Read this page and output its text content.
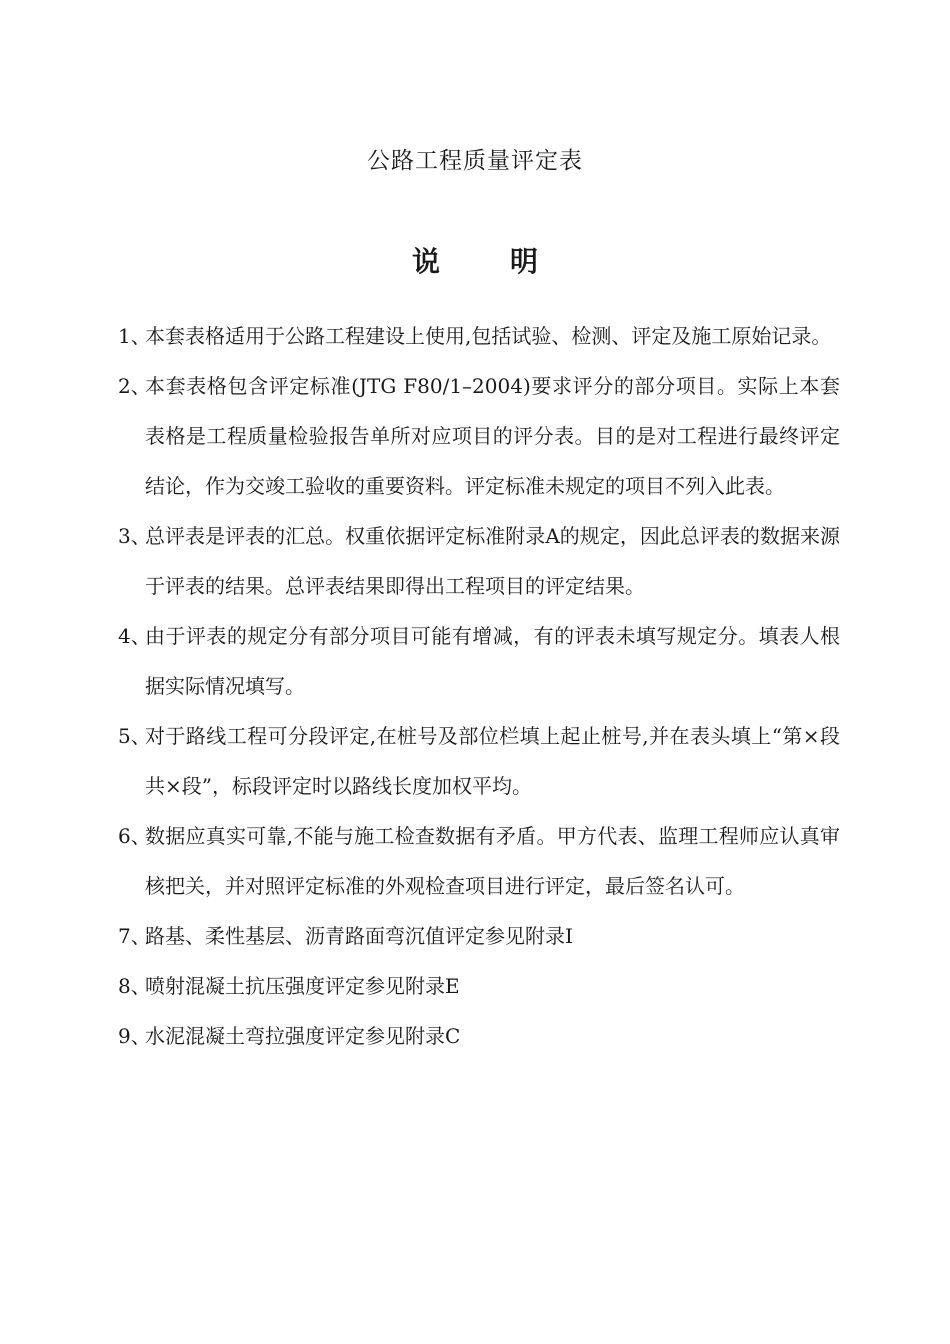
公路工程质量评定表
说	明
1、
本套表格适用于公路工程建设上使用,包括试验、检测、评定及施工原始记录。
2、
本套表格包含评定标准(JTG F80/1–2004)要求评分的部分项目。实际上本套表格是工程质量检验报告单所对应项目的评分表。目的是对工程进行最终评定结论，作为交竣工验收的重要资料。评定标准未规定的项目不列入此表。
3、
总评表是评表的汇总。权重依据评定标准附录A的规定，因此总评表的数据来源于评表的结果。总评表结果即得出工程项目的评定结果。
4、
由于评表的规定分有部分项目可能有增减，有的评表未填写规定分。填表人根据实际情况填写。
5、
对于路线工程可分段评定,在桩号及部位栏填上起止桩号,并在表头填上“第×段共×段”，标段评定时以路线长度加权平均。
6、
数据应真实可靠,不能与施工检查数据有矛盾。甲方代表、监理工程师应认真审核把关，并对照评定标准的外观检查项目进行评定，最后签名认可。
7、
路基、柔性基层、沥青路面弯沉值评定参见附录I
8、
喷射混凝土抗压强度评定参见附录E
9、
水泥混凝土弯拉强度评定参见附录C
